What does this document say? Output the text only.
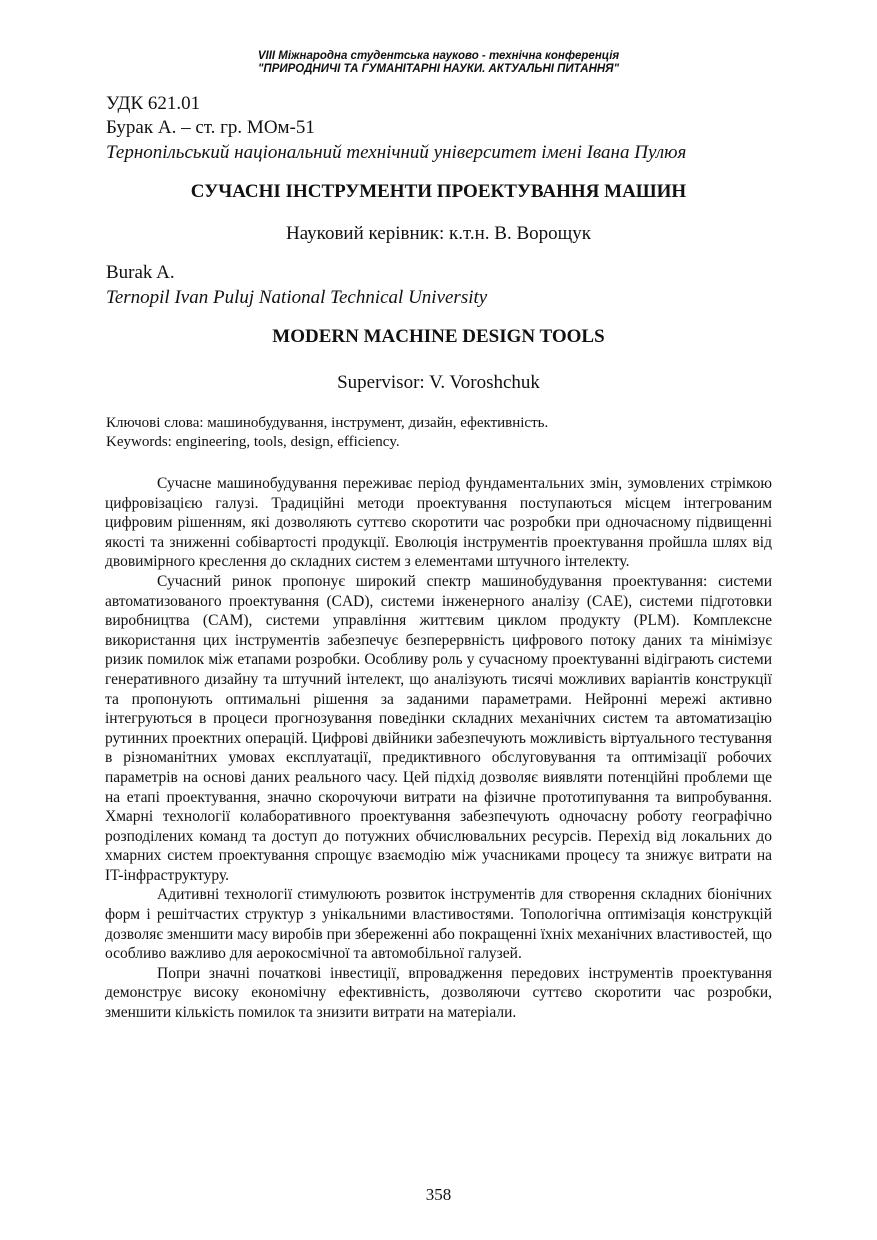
VIII Міжнародна студентська науково - технічна конференція
"ПРИРОДНИЧІ ТА ГУМАНІТАРНІ НАУКИ. АКТУАЛЬНІ ПИТАННЯ"
УДК 621.01
Бурак А. – ст. гр. МОм-51
Тернопільський національний технічний університет імені Івана Пулюя
СУЧАСНІ ІНСТРУМЕНТИ ПРОЕКТУВАННЯ МАШИН
Науковий керівник: к.т.н. В. Ворощук
Burak A.
Ternopil Ivan Puluj National Technical University
MODERN MACHINE DESIGN TOOLS
Supervisor: V. Voroshchuk
Ключові слова: машинобудування, інструмент, дизайн, ефективність.
Keywords: engineering, tools, design, efficiency.

Сучасне машинобудування переживає період фундаментальних змін, зумовлених стрімкою цифровізацією галузі. Традиційні методи проектування поступаються місцем інтегрованим цифровим рішенням, які дозволяють суттєво скоротити час розробки при одночасному підвищенні якості та зниженні собівартості продукції. Еволюція інструментів проектування пройшла шлях від двовимірного креслення до складних систем з елементами штучного інтелекту.

Сучасний ринок пропонує широкий спектр машинобудування проектування: системи автоматизованого проектування (CAD), системи інженерного аналізу (CAE), системи підготовки виробництва (CAM), системи управління життєвим циклом продукту (PLM). Комплексне використання цих інструментів забезпечує безперервність цифрового потоку даних та мінімізує ризик помилок між етапами розробки. Особливу роль у сучасному проектуванні відіграють системи генеративного дизайну та штучний інтелект, що аналізують тисячі можливих варіантів конструкції та пропонують оптимальні рішення за заданими параметрами. Нейронні мережі активно інтегруються в процеси прогнозування поведінки складних механічних систем та автоматизацію рутинних проектних операцій. Цифрові двійники забезпечують можливість віртуального тестування в різноманітних умовах експлуатації, предиктивного обслуговування та оптимізації робочих параметрів на основі даних реального часу. Цей підхід дозволяє виявляти потенційні проблеми ще на етапі проектування, значно скорочуючи витрати на фізичне прототипування та випробування. Хмарні технології колаборативного проектування забезпечують одночасну роботу географічно розподілених команд та доступ до потужних обчислювальних ресурсів. Перехід від локальних до хмарних систем проектування спрощує взаємодію між учасниками процесу та знижує витрати на IT-інфраструктуру.

Адитивні технології стимулюють розвиток інструментів для створення складних біонічних форм і решітчастих структур з унікальними властивостями. Топологічна оптимізація конструкцій дозволяє зменшити масу виробів при збереженні або покращенні їхніх механічних властивостей, що особливо важливо для аерокосмічної та автомобільної галузей.

Попри значні початкові інвестиції, впровадження передових інструментів проектування демонструє високу економічну ефективність, дозволяючи суттєво скоротити час розробки, зменшити кількість помилок та знизити витрати на матеріали.

358
